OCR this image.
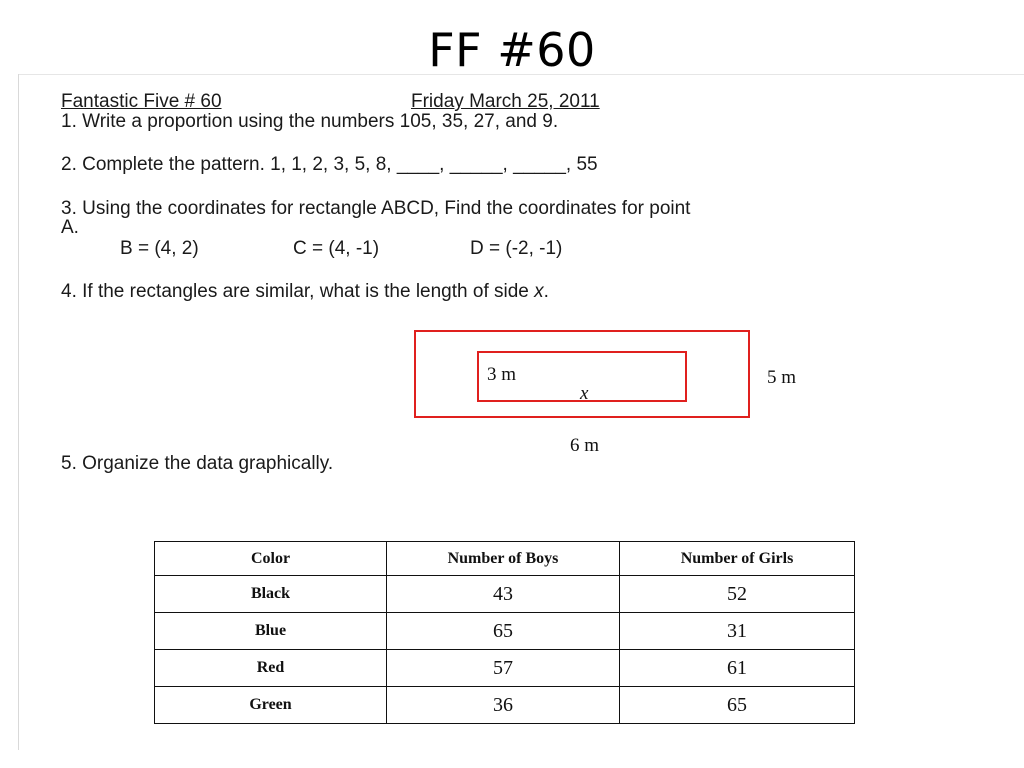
FF #60
Fantastic Five # 60	Friday March 25, 2011
1. Write a proportion using the numbers 105, 35, 27, and 9.
2. Complete the pattern. 1, 1, 2, 3, 5, 8, ____, _____, _____, 55
3. Using the coordinates for rectangle ABCD, Find the coordinates for point
A.
B = (4, 2)	C = (4, -1)	D = (-2, -1)
4. If the rectangles are similar, what is the length of side x.
3 m
x
5 m
6 m
5. Organize the data graphically.
Color	Number of Boys	Number of Girls
Black	43	52
Blue	65	31
Red	57	61
Green	36	65
